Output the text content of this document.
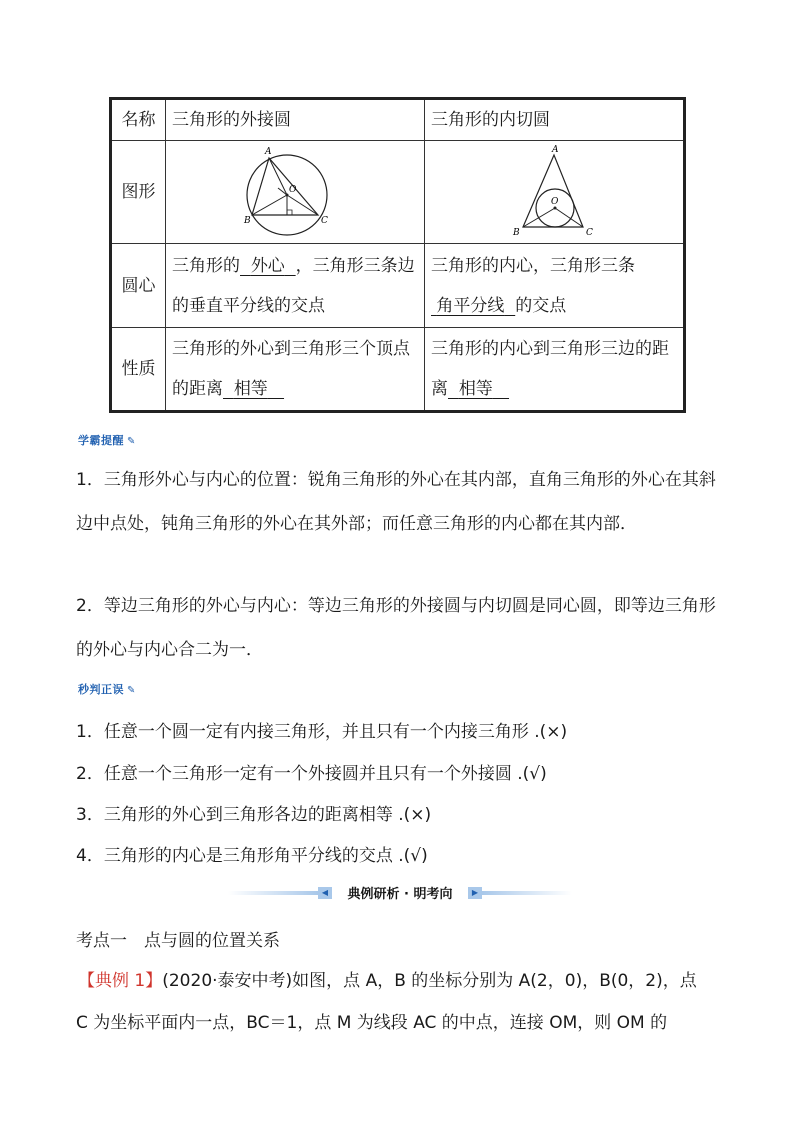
名称	三角形的外接圆	三角形的内切圆
图形	A
B C
O	A
B C
O

圆心	三角形的 外心 ，三角形三条边的垂直平分线的交点	三角形的内心，三角形三条 角平分线 的交点
性质	三角形的外心到三角形三个顶点的距离 相等	三角形的内心到三角形三边的距离 相等
学霸提醒 ✎
1．三角形外心与内心的位置：锐角三角形的外心在其内部，直角三角形的外心在其斜边中点处，钝角三角形的外心在其外部；而任意三角形的内心都在其内部．
2．等边三角形的外心与内心：等边三角形的外接圆与内切圆是同心圆，即等边三角形的外心与内心合二为一．
秒判正误 ✎
1．任意一个圆一定有内接三角形，并且只有一个内接三角形 .(×)
2．任意一个三角形一定有一个外接圆并且只有一个外接圆 .(√)
3．三角形的外心到三角形各边的距离相等 .(×)
4．三角形的内心是三角形角平分线的交点 .(√)
◀	典例研析 · 明考向	▶
考点一　点与圆的位置关系
【典例 1】(2020·泰安中考)如图，点 A，B 的坐标分别为 A(2，0)，B(0，2)，点
C 为坐标平面内一点，BC＝1，点 M 为线段 AC 的中点，连接 OM，则 OM 的
